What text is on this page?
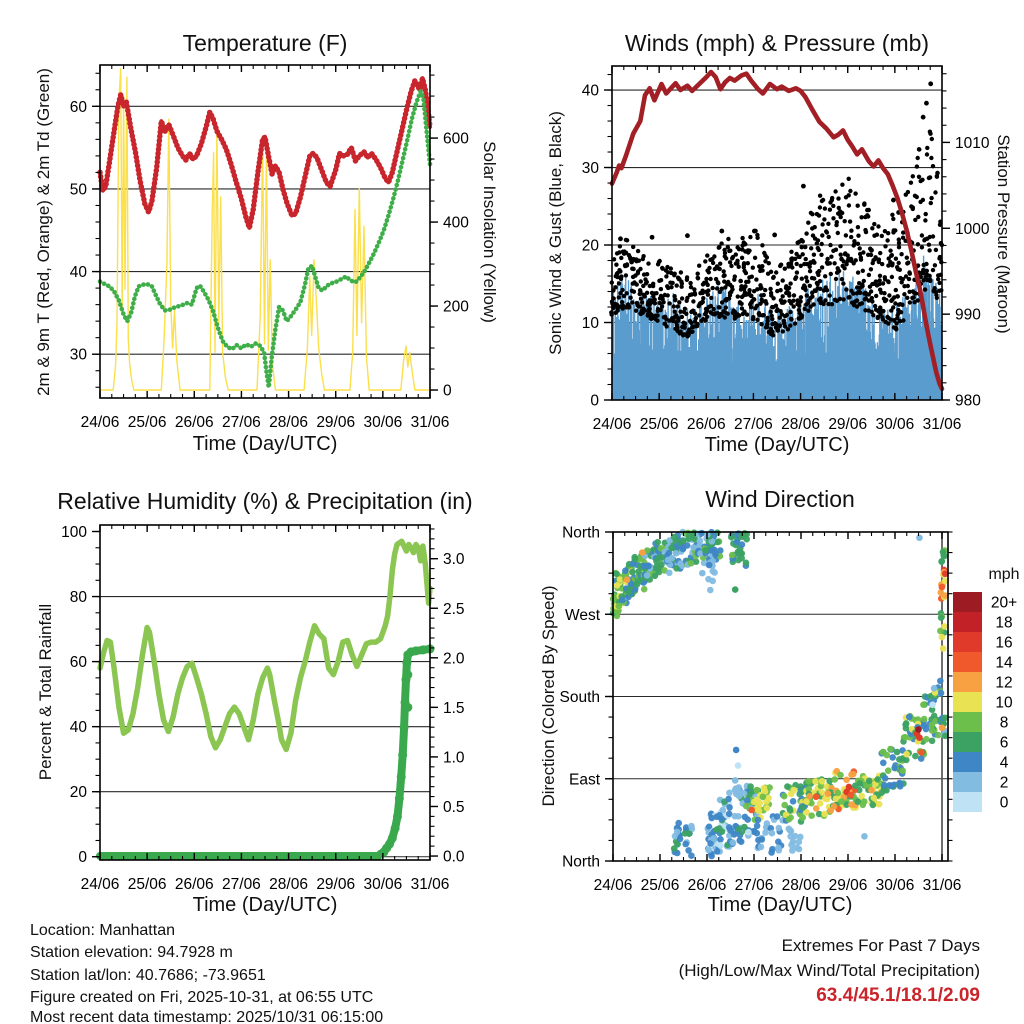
24/06 25/06 26/06 27/06 28/06 29/06 30/06 31/06
30
40
50
60
0
200
400
600
24/06 25/06 26/06 27/06 28/06 29/06 30/06 31/06
0
10
20
30
40
980
990
1000
1010
24/06 25/06 26/06 27/06 28/06 29/06 30/06 31/06
0
20
40
60
80
100
0.0
0.5
1.0
1.5
2.0
2.5
3.0
24/06 25/06 26/06 27/06 28/06 29/06 30/06 31/06
North
East
South
West
North
20+
18
16
14
12
10
8
6
4
2
0
Temperature (F)	Winds (mph) & Pressure (mb)
Relative Humidity (%) & Precipitation (in)	Wind Direction
2m & 9m T (Red, Orange) & 2m Td (Green)	Solar Insolation (Yellow)	Sonic Wind & Gust (Blue, Black)	Station Pressure (Maroon)
Percent & Total Rainfall	Direction (Colored By Speed)
Time (Day/UTC)	Time (Day/UTC)
Time (Day/UTC)	Time (Day/UTC)
mph
Location: Manhattan
Station elevation: 94.7928 m
Station lat/lon: 40.7686; -73.9651
Figure created on Fri, 2025-10-31, at 06:55 UTC
Most recent data timestamp: 2025/10/31 06:15:00
Extremes For Past 7 Days
(High/Low/Max Wind/Total Precipitation)
63.4/45.1/18.1/2.09
